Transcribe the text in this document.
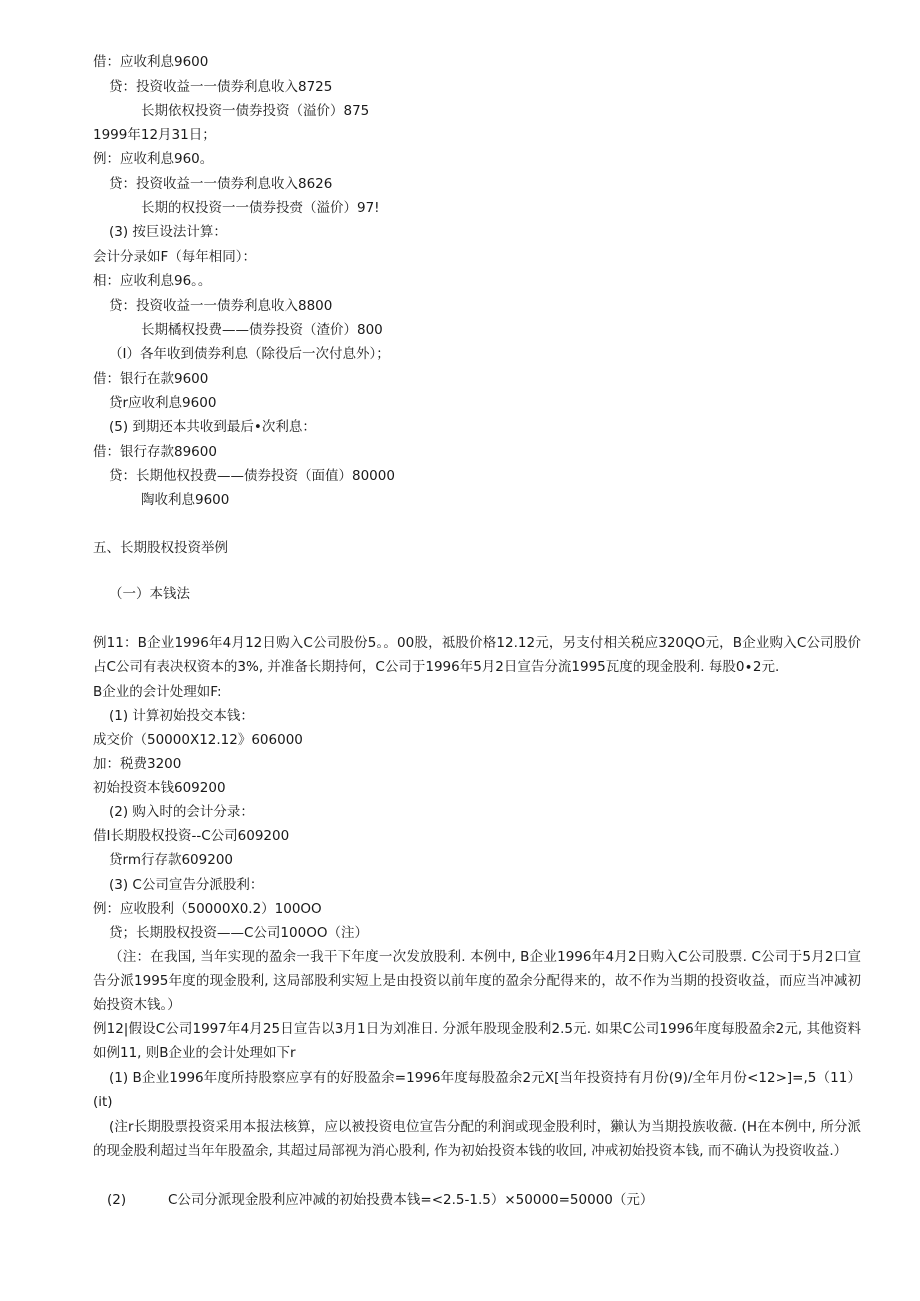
借：应收利息9600
贷：投资收益一一债券利息收入8725
长期依权投资一债券投资（溢价）875
1999年12月31日；
例：应收利息960。
贷：投资收益一一债券利息收入8626
长期的权投资一一债券投赍（溢价）97!
(3) 按巨设法计算：
会计分录如F（每年相同）：
相：应收利息96。。
贷：投资收益一一债券利息收入8800
长期橘权投费——债券投资（渣价）800
（I）各年收到债券利息（除役后一次付息外）；
借：银行在款9600
贷r应收利息9600
(5) 到期还本共收到最后•次利息：
借：银行存款89600
贷：长期他权投费——债券投资（面值）80000
陶收利息9600
五、长期股权投资举例
（一）本钱法
例11：B企业1996年4月12日购入C公司股份5。。00股，祗股价格12.12元，另支付相关税应320QO元，B企业购入C公司股价占C公司有表决权资本的3%, 并准备长期持何，C公司于1996年5月2日宣告分流1995瓦度的现金股利. 每股0∙2元.
B企业的会计处理如F:
(1) 计算初始投交本钱：
成交价（50000X12.12》606000
加：税费3200
初始投资本钱609200
(2) 购入时的会计分录：
借I长期股权投资--C公司609200
贷rm行存款609200
(3) C公司宣告分派股利：
例：应收股利（50000X0.2）100OO
贷；长期股权投资——C公司100OO（注）
（注：在我国, 当年实现的盈余一我干下年度一次发放股利. 本例中, B企业1996年4月2日购入C公司股票. C公司于5月2口宣告分派1995年度的现金股利, 这局部股利实短上是由投资以前年度的盈余分配得来的，故不作为当期的投资收益，而应当冲减初始投资木钱。）
例12|假设C公司1997年4月25日宣告以3月1日为刘准日. 分派年股现金股利2.5元. 如果C公司1996年度每股盈余2元, 其他资料如例11, 则B企业的会计处理如下r
(1) B企业1996年度所持股察应享有的好股盈余=1996年度每股盈余2元X[当年投资持有月份(9)/全年月份<12>]=,5（11） (it)
(注r长期股票投资采用本报法核算，应以被投资电位宣告分配的利润或现金股利时，獭认为当期投族收薇. (H在本例中, 所分派的现金股利超过当年年股盈余, 其超过局部视为消心股利, 作为初始投资本钱的收回, 冲戒初始投资本钱, 而不确认为投资收益.）
(2)	C公司分派现金股利应冲减的初始投费本钱=<2.5-1.5）×50000=50000（元）
